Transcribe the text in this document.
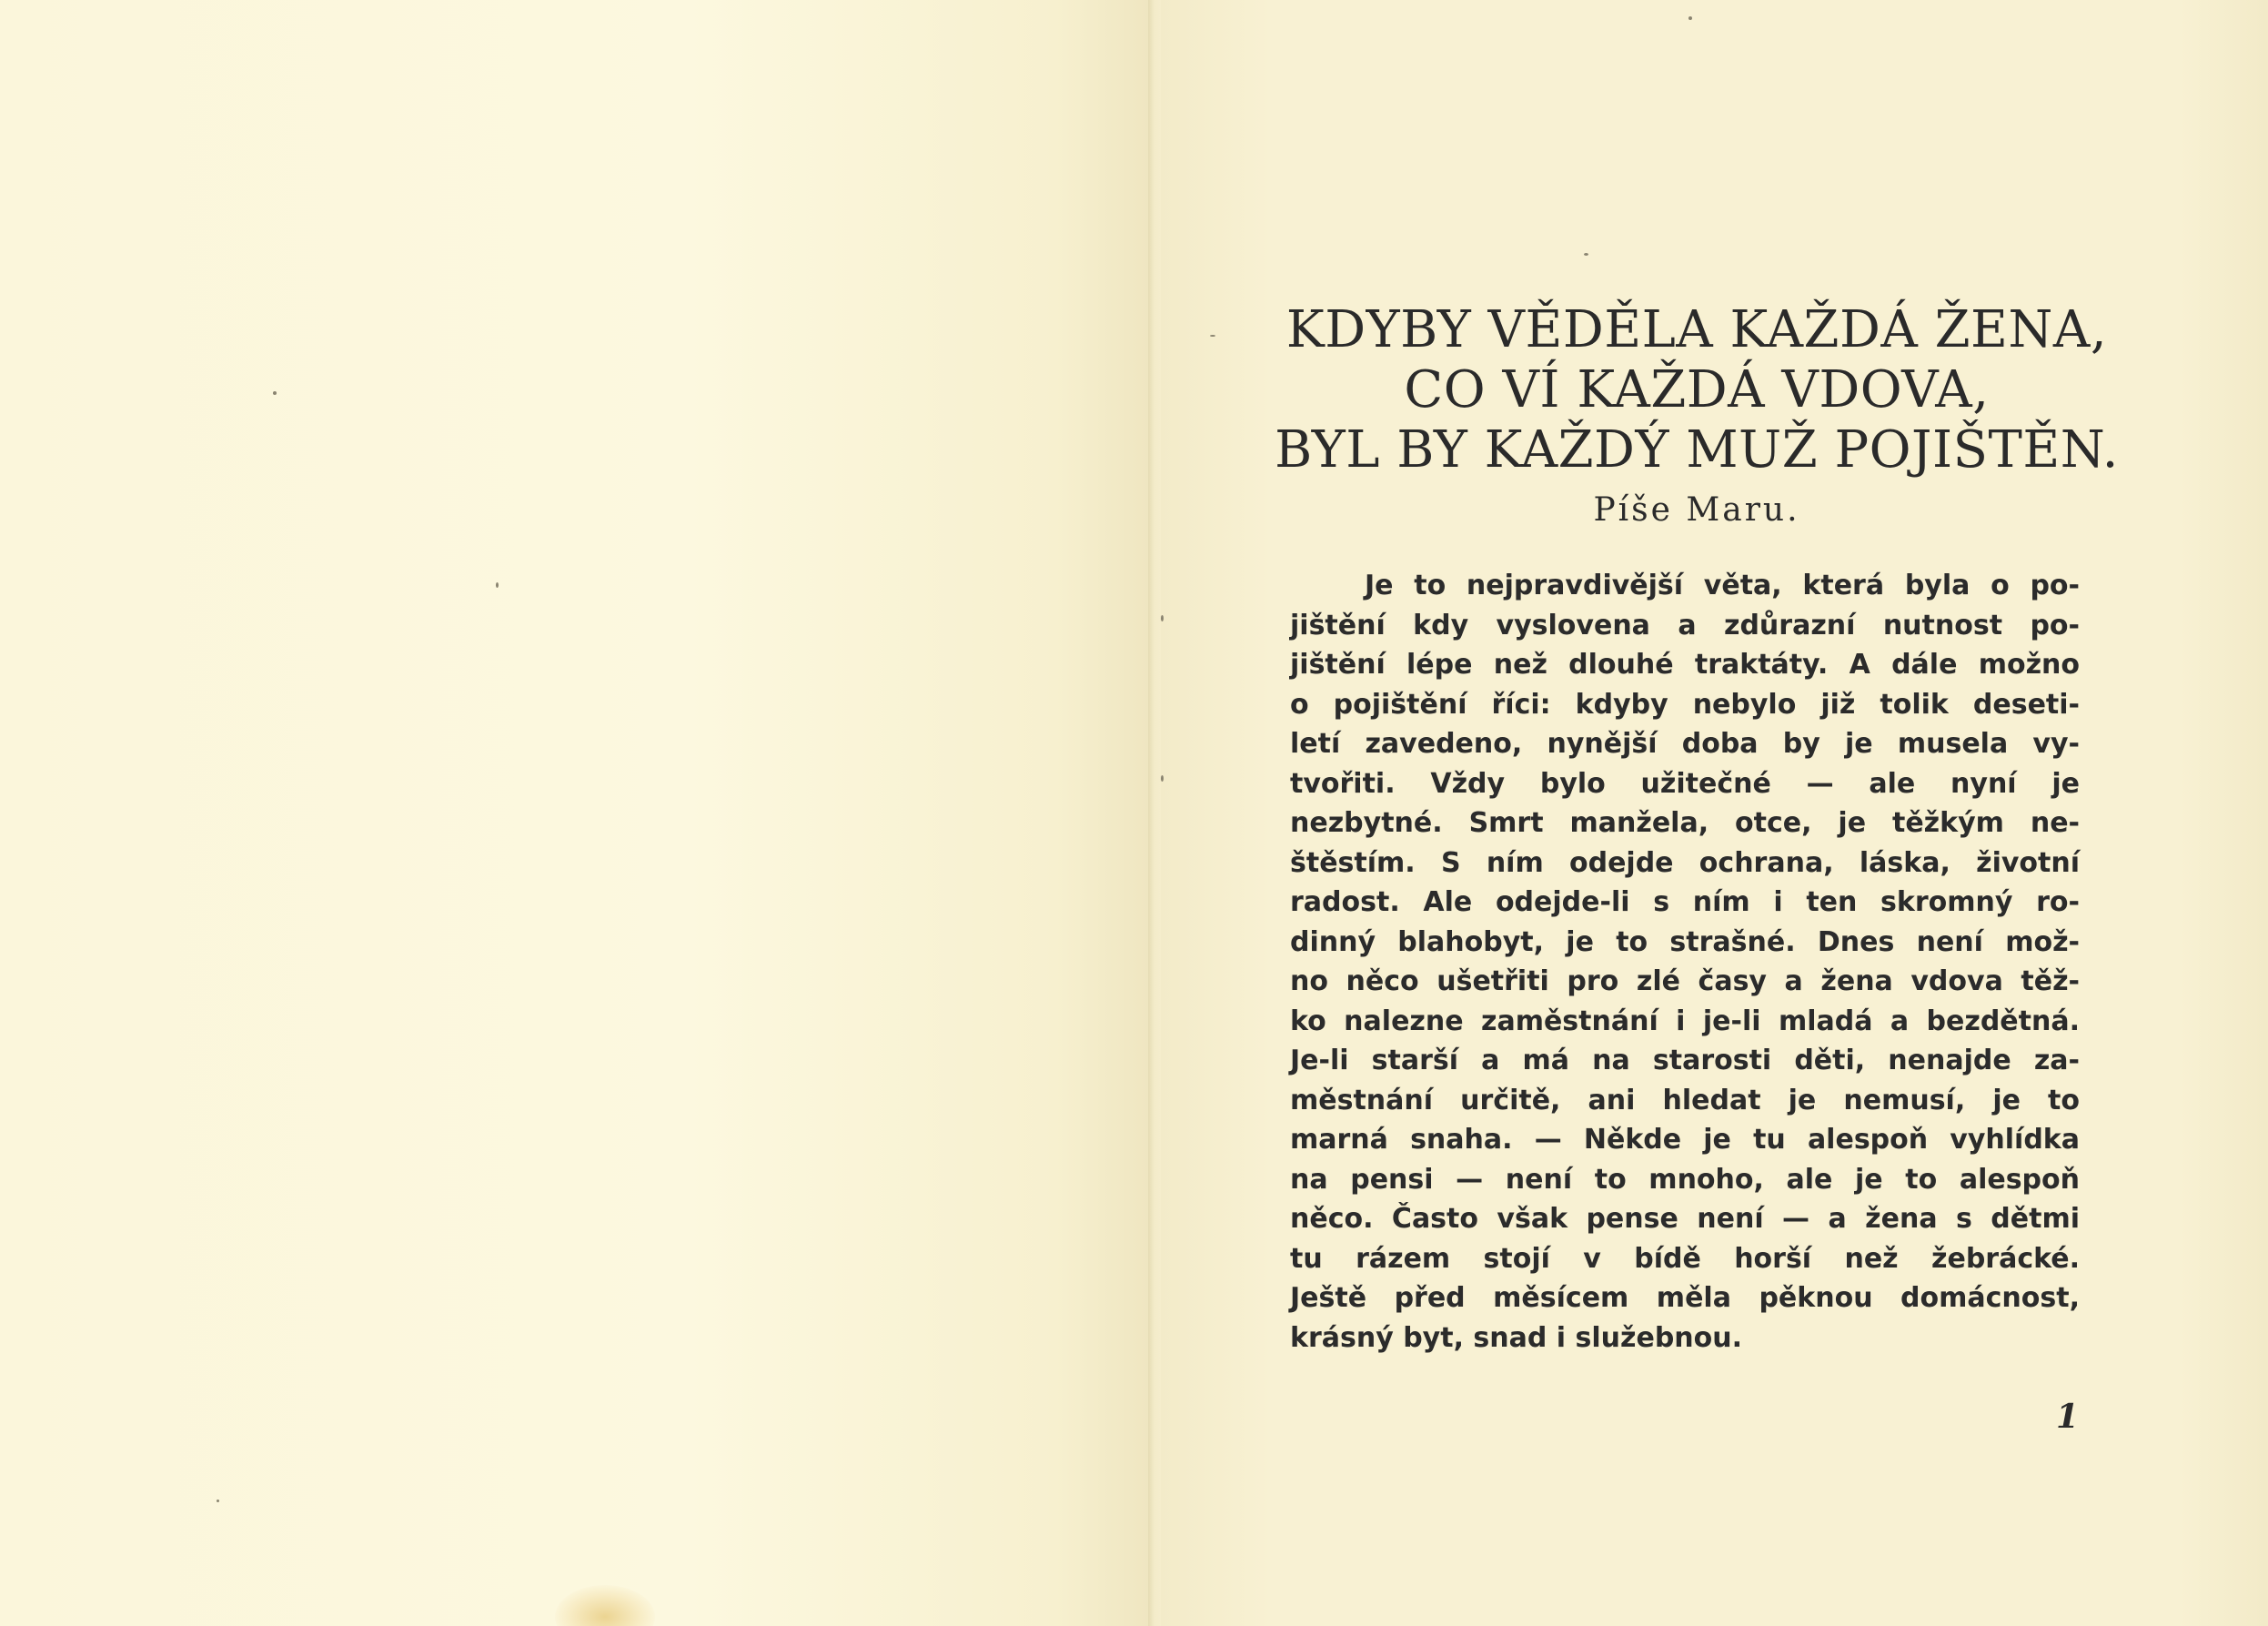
KDYBY VĚDĚLA KAŽDÁ ŽENA,
CO VÍ KAŽDÁ VDOVA,
BYL BY KAŽDÝ MUŽ POJIŠTĚN.
Píše Maru.
Je to nejpravdivější věta, která byla o po-
jištění kdy vyslovena a zdůrazní nutnost po-
jištění lépe než dlouhé traktáty. A dále možno
o pojištění říci: kdyby nebylo již tolik deseti-
letí zavedeno, nynější doba by je musela vy-
tvořiti. Vždy bylo užitečné — ale nyní je
nezbytné. Smrt manžela, otce, je těžkým ne-
štěstím. S ním odejde ochrana, láska, životní
radost. Ale odejde-li s ním i ten skromný ro-
dinný blahobyt, je to strašné. Dnes není mož-
no něco ušetřiti pro zlé časy a žena vdova těž-
ko nalezne zaměstnání i je-li mladá a bezdětná.
Je-li starší a má na starosti děti, nenajde za-
městnání určitě, ani hledat je nemusí, je to
marná snaha. — Někde je tu alespoň vyhlídka
na pensi — není to mnoho, ale je to alespoň
něco. Často však pense není — a žena s dětmi
tu rázem stojí v bídě horší než žebrácké.
Ještě před měsícem měla pěknou domácnost,
krásný byt, snad i služebnou.
1
